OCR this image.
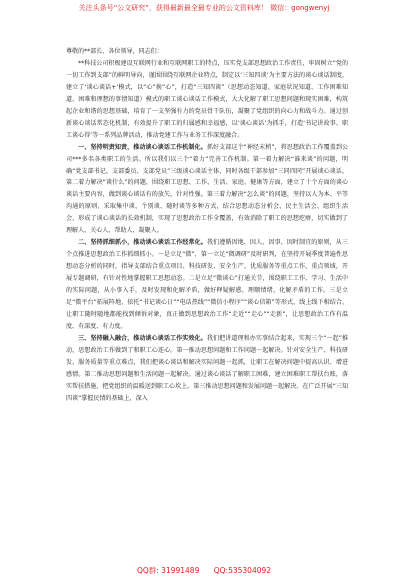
关注头条号“公文研究”，获得最新最全最专业的公文资料库！ 微信：gongwenyj

尊敬的**部长、各位领导，同志们：

**科技公司积极建设互联网行业和互联网职工的特点，压实党支部思想政治工作责任，牢固树立“党的一切工作到支部”的鲜明导向，谨围围绕互联网企业特点，制定以‘三知四谈’为主要方法的谈心谈话制度，建立了‘谈心谈话+’模式，以“心”换“心”，打造“三知四谈”（思想动态知道、家庭状况知道、工作困难知道、困难和理想的事情知道）模式的职工谈心谈话工作模式，大大化解了职工思想问题和现实困难，构筑起企业和谐的思想基础，培育了一支坚强有力的党员骨干队伍，凝聚了党组织的向心力和战斗力。通过创新谈心谈话常态化机制，有效提升了职工的归属感和幸福感，以‘谈心谈话’为抓手，打造‘书记讲故事、职工谈心得’等一系列品牌活动，推动党建工作与业务工作深度融合。

一、坚持明责知责，推动谈心谈话工作机制化。抓好支部这个“神经末梢”，将思想政治工作覆盖到公司***多名各类职工的生活。所以我们以三个“着力”完善工作机制。第一着力解决“谁来谈”的问题，明确“党支部书记、支部委员、支部党员”三级谈心谈话主体，同时各级干部参加“三同四同”开展谈心谈话，第二着力解决“谈什么”的问题，围绕职工思想、工作、生活、家庭、健康等方面，建立了十个方面的谈心谈话主要内容，做到谈心谈话有的放矢，针对性强。第三着力解决“怎么谈”的问题，坚持以人为本、平等沟通的原则，采取集中谈、个别谈、随时谈等多种方式，结合思想动态分析会、民主生活会、组织生活会，形成了谈心谈话的长效机制，实现了思想政治工作全覆盖，有效消除了职工的思想疙瘩，切实做到了理解人、关心人、帮助人、凝聚人。

二、坚持抓细抓小，推动谈心谈话工作经常化。我们遵循因地、因人、因事、因时制宜的原则，从三个点推进思想政治工作抓细抓小。一是立足“微”，第一立足“微调研”及时研判，在坚持开展季度普遍性思想动态分析的同时，指导支部结合重点项目、科技研发、安全生产、优质服务等重点工作，重点领域，开展专题调研，有针对性地掌握职工思想动态。二是立足“微谈心”打通关节，围绕职工工作、学习、生活中的实际问题，从小事入手，及时发现和化解矛盾，做好释疑解惑、理顺情绪、化解矛盾的工作。三是立足“微平台”拓展阵地，依托“书记谈心日”“电话热线”“微信小程序”“谈心信箱”等形式，线上线下相结合，让职工随时随地都能找到倾诉对象，真正做到思想政治工作“走近”“走心”“走新”，让思想政治工作有温度、有深度、有力度。

三、坚持融入融合，推动谈心谈话工作实效化。我们把讲道理和办实事结合起来，实现三个“一起”推动，思想政治工作做到了和职工心连心。第一推动思想问题和工作问题一起解决。针对安全生产、科技研发、服务质量等重点难点，我们把谈心谈话和解决实际问题一起抓，让职工在解决问题中提高认识、增进感情。第二推动思想问题和生活问题一起解决。通过谈心谈话了解职工困难，建立困难职工帮扶台账，落实帮扶措施，把党组织的温暖送到职工心坎上。第三推动思想问题和发展问题一起解决。在广泛开展“三知四谈”掌握民情的基础上，深入

QQ群: 31991489 QQ:535304092
